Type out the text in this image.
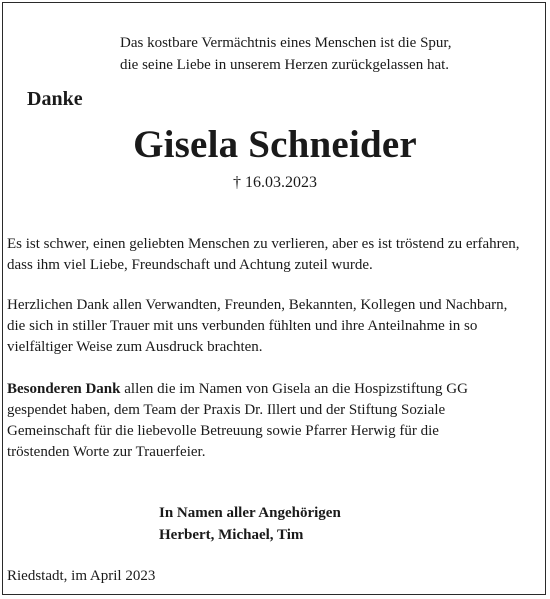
Das kostbare Vermächtnis eines Menschen ist die Spur,
die seine Liebe in unserem Herzen zurückgelassen hat.
Danke
Gisela Schneider
† 16.03.2023
Es ist schwer, einen geliebten Menschen zu verlieren, aber es ist tröstend zu erfahren,
dass ihm viel Liebe, Freundschaft und Achtung zuteil wurde.
Herzlichen Dank allen Verwandten, Freunden, Bekannten, Kollegen und Nachbarn,
die sich in stiller Trauer mit uns verbunden fühlten und ihre Anteilnahme in so
vielfältiger Weise zum Ausdruck brachten.
Besonderen Dank allen die im Namen von Gisela an die Hospizstiftung GG
gespendet haben, dem Team der Praxis Dr. Illert und der Stiftung Soziale
Gemeinschaft für die liebevolle Betreuung sowie Pfarrer Herwig für die
tröstenden Worte zur Trauerfeier.
In Namen aller Angehörigen
Herbert, Michael, Tim
Riedstadt, im April 2023
